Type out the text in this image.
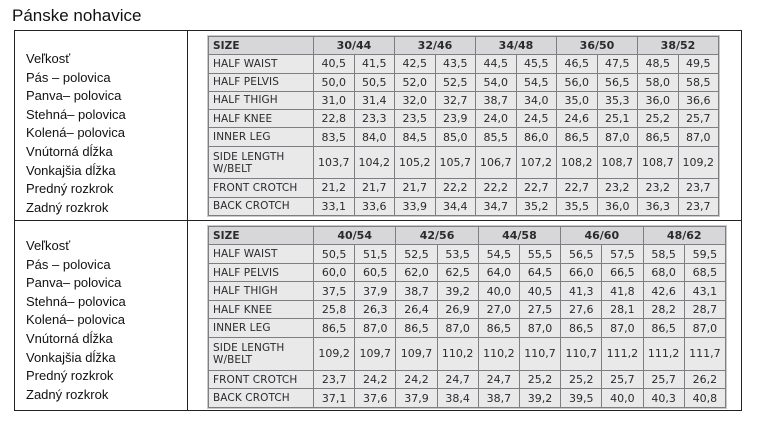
Pánske nohavice
Veľkosť
Pás – polovica
Panva– polovica
Stehná– polovica
Kolená– polovica
Vnútorná dĺžka
Vonkajšia dĺžka
Predný rozkrok
Zadný rozkrok
Veľkosť
Pás – polovica
Panva– polovica
Stehná– polovica
Kolená– polovica
Vnútorná dĺžka
Vonkajšia dĺžka
Predný rozkrok
Zadný rozkrok
SIZE	30/44		32/46		34/48		36/50		38/52	
HALF WAIST	40,5	41,5	42,5	43,5	44,5	45,5	46,5	47,5	48,5	49,5
HALF PELVIS	50,0	50,5	52,0	52,5	54,0	54,5	56,0	56,5	58,0	58,5
HALF THIGH	31,0	31,4	32,0	32,7	38,7	34,0	35,0	35,3	36,0	36,6
HALF KNEE	22,8	23,3	23,5	23,9	24,0	24,5	24,6	25,1	25,2	25,7
INNER LEG	83,5	84,0	84,5	85,0	85,5	86,0	86,5	87,0	86,5	87,0
SIDE LENGTH W/BELT	103,7	104,2	105,2	105,7	106,7	107,2	108,2	108,7	108,7	109,2
FRONT CROTCH	21,2	21,7	21,7	22,2	22,2	22,7	22,7	23,2	23,2	23,7
BACK CROTCH	33,1	33,6	33,9	34,4	34,7	35,2	35,5	36,0	36,3	23,7
SIZE	40/54		42/56		44/58		46/60		48/62	
HALF WAIST	50,5	51,5	52,5	53,5	54,5	55,5	56,5	57,5	58,5	59,5
HALF PELVIS	60,0	60,5	62,0	62,5	64,0	64,5	66,0	66,5	68,0	68,5
HALF THIGH	37,5	37,9	38,7	39,2	40,0	40,5	41,3	41,8	42,6	43,1
HALF KNEE	25,8	26,3	26,4	26,9	27,0	27,5	27,6	28,1	28,2	28,7
INNER LEG	86,5	87,0	86,5	87,0	86,5	87,0	86,5	87,0	86,5	87,0
SIDE LENGTH W/BELT	109,2	109,7	109,7	110,2	110,2	110,7	110,7	111,2	111,2	111,7
FRONT CROTCH	23,7	24,2	24,2	24,7	24,7	25,2	25,2	25,7	25,7	26,2
BACK CROTCH	37,1	37,6	37,9	38,4	38,7	39,2	39,5	40,0	40,3	40,8
